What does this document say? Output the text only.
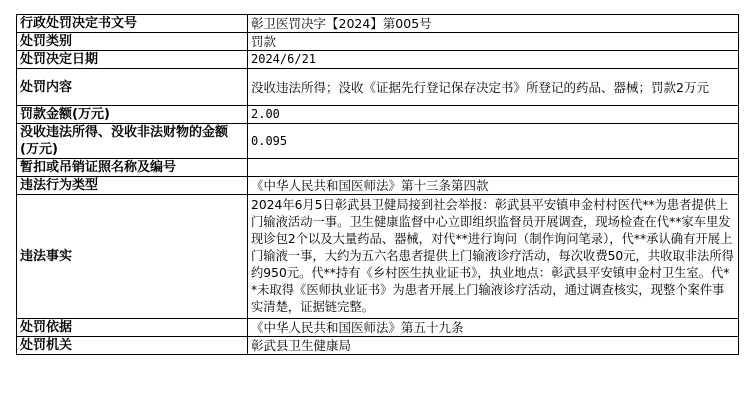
行政处罚决定书文号	彰卫医罚决字【2024】第005号
处罚类别	罚款
处罚决定日期	2024/6/21
处罚内容	没收违法所得；没收《证据先行登记保存决定书》所登记的药品、器械；罚款2万元
罚款金额(万元)	2.00
没收违法所得、没收非法财物的金额(万元)	0.095
暂扣或吊销证照名称及编号	
违法行为类型	《中华人民共和国医师法》第十三条第四款
违法事实	2024年6月5日彰武县卫健局接到社会举报：彰武县平安镇申金村村医代**为患者提供上门输液活动一事。卫生健康监督中心立即组织监督员开展调查，现场检查在代**家车里发现诊包2个以及大量药品、器械，对代**进行询问（制作询问笔录），代**承认确有开展上门输液一事，大约为五六名患者提供上门输液诊疗活动，每次收费50元，共收取非法所得约950元。代**持有《乡村医生执业证书》，执业地点：彰武县平安镇申金村卫生室。代**未取得《医师执业证书》为患者开展上门输液诊疗活动，通过调查核实，现整个案件事实清楚，证据链完整。
处罚依据	《中华人民共和国医师法》第五十九条
处罚机关	彰武县卫生健康局
